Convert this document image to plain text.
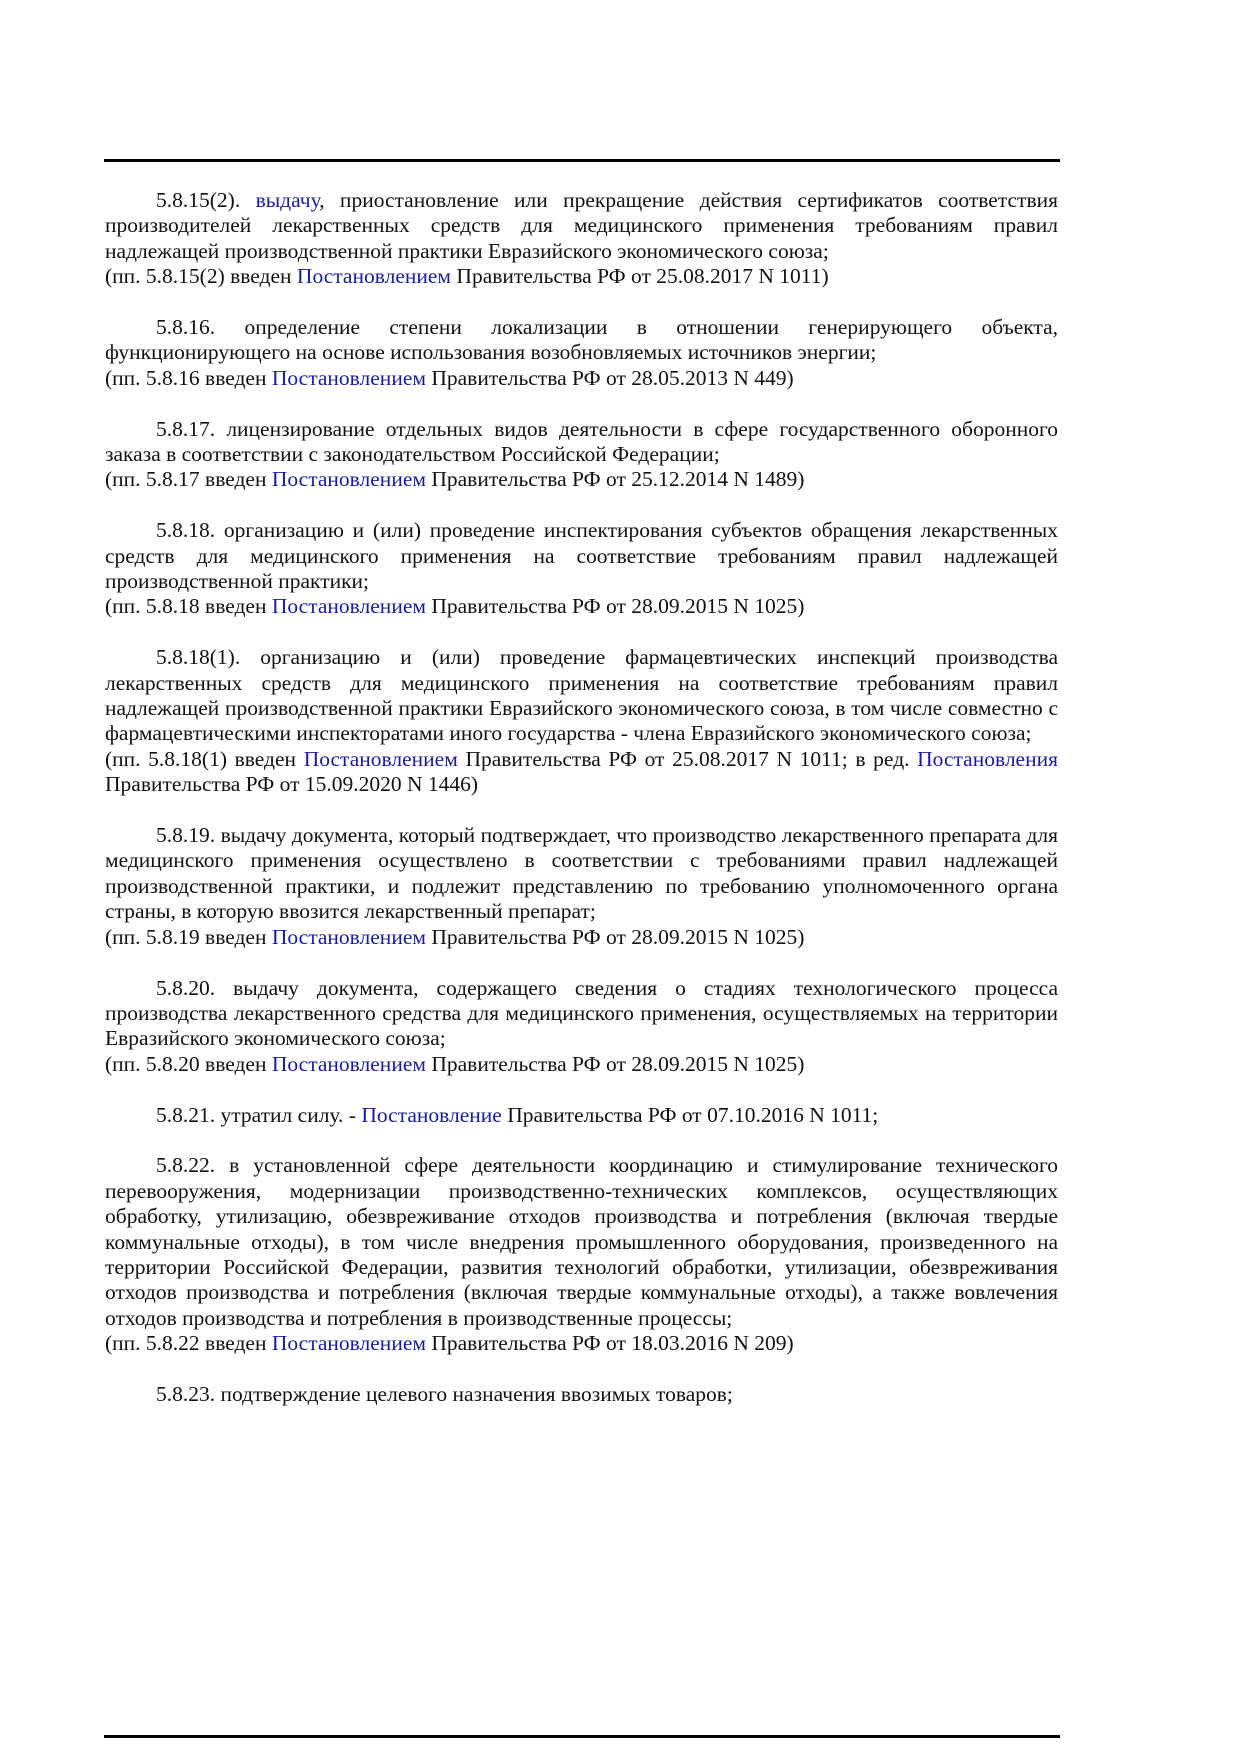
5.8.15(2). выдачу, приостановление или прекращение действия сертификатов соответствия производителей лекарственных средств для медицинского применения требованиям правил надлежащей производственной практики Евразийского экономического союза;

(пп. 5.8.15(2) введен Постановлением Правительства РФ от 25.08.2017 N 1011)

5.8.16. определение степени локализации в отношении генерирующего объекта, функционирующего на основе использования возобновляемых источников энергии;

(пп. 5.8.16 введен Постановлением Правительства РФ от 28.05.2013 N 449)

5.8.17. лицензирование отдельных видов деятельности в сфере государственного оборонного заказа в соответствии с законодательством Российской Федерации;

(пп. 5.8.17 введен Постановлением Правительства РФ от 25.12.2014 N 1489)

5.8.18. организацию и (или) проведение инспектирования субъектов обращения лекарственных средств для медицинского применения на соответствие требованиям правил надлежащей производственной практики;

(пп. 5.8.18 введен Постановлением Правительства РФ от 28.09.2015 N 1025)

5.8.18(1). организацию и (или) проведение фармацевтических инспекций производства лекарственных средств для медицинского применения на соответствие требованиям правил надлежащей производственной практики Евразийского экономического союза, в том числе совместно с фармацевтическими инспекторатами иного государства - члена Евразийского экономического союза;

(пп. 5.8.18(1) введен Постановлением Правительства РФ от 25.08.2017 N 1011; в ред. Постановления Правительства РФ от 15.09.2020 N 1446)

5.8.19. выдачу документа, который подтверждает, что производство лекарственного препарата для медицинского применения осуществлено в соответствии с требованиями правил надлежащей производственной практики, и подлежит представлению по требованию уполномоченного органа страны, в которую ввозится лекарственный препарат;

(пп. 5.8.19 введен Постановлением Правительства РФ от 28.09.2015 N 1025)

5.8.20. выдачу документа, содержащего сведения о стадиях технологического процесса производства лекарственного средства для медицинского применения, осуществляемых на территории Евразийского экономического союза;

(пп. 5.8.20 введен Постановлением Правительства РФ от 28.09.2015 N 1025)

5.8.21. утратил силу. - Постановление Правительства РФ от 07.10.2016 N 1011;

5.8.22. в установленной сфере деятельности координацию и стимулирование технического перевооружения, модернизации производственно-технических комплексов, осуществляющих обработку, утилизацию, обезвреживание отходов производства и потребления (включая твердые коммунальные отходы), в том числе внедрения промышленного оборудования, произведенного на территории Российской Федерации, развития технологий обработки, утилизации, обезвреживания отходов производства и потребления (включая твердые коммунальные отходы), а также вовлечения отходов производства и потребления в производственные процессы;

(пп. 5.8.22 введен Постановлением Правительства РФ от 18.03.2016 N 209)

5.8.23. подтверждение целевого назначения ввозимых товаров;
